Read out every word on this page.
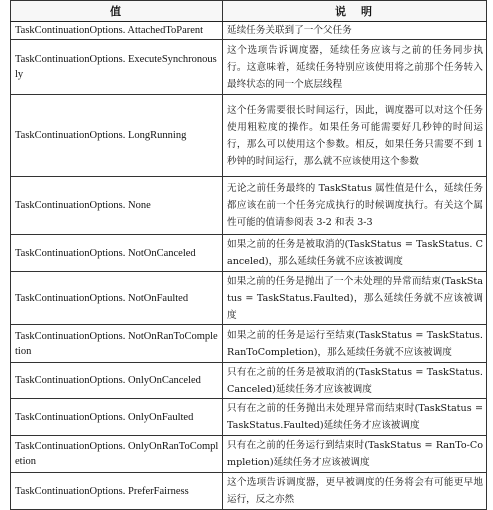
值	说　明
TaskContinuationOptions. AttachedToParent	延续任务关联到了一个父任务
TaskContinuationOptions. ExecuteSynchronously	这个选项告诉调度器，延续任务应该与之前的任务同步执行。这意味着，延续任务特别应该使用将之前那个任务转入最终状态的同一个底层线程
TaskContinuationOptions. LongRunning	这个任务需要很长时间运行，因此，调度器可以对这个任务使用粗粒度的操作。如果任务可能需要好几秒钟的时间运行，那么可以使用这个参数。相反，如果任务只需要不到 1 秒钟的时间运行，那么就不应该使用这个参数
TaskContinuationOptions. None	无论之前任务最终的 TaskStatus 属性值是什么，延续任务都应该在前一个任务完成执行的时候调度执行。有关这个属性可能的值请参阅表 3-2 和表 3-3
TaskContinuationOptions. NotOnCanceled	如果之前的任务是被取消的(TaskStatus = TaskStatus. Canceled)，那么延续任务就不应该被调度
TaskContinuationOptions. NotOnFaulted	如果之前的任务是抛出了一个未处理的异常而结束(TaskStatus = TaskStatus.Faulted)，那么延续任务就不应该被调度
TaskContinuationOptions. NotOnRanToCompletion	如果之前的任务是运行至结束(TaskStatus = TaskStatus. RanToCompletion)，那么延续任务就不应该被调度
TaskContinuationOptions. OnlyOnCanceled	只有在之前的任务是被取消的(TaskStatus = TaskStatus. Canceled)延续任务才应该被调度
TaskContinuationOptions. OnlyOnFaulted	只有在之前的任务抛出未处理异常而结束时(TaskStatus = TaskStatus.Faulted)延续任务才应该被调度
TaskContinuationOptions. OnlyOnRanToCompletion	只有在之前的任务运行到结束时(TaskStatus = RanTo-Completion)延续任务才应该被调度
TaskContinuationOptions. PreferFairness	这个选项告诉调度器，更早被调度的任务将会有可能更早地运行，反之亦然
